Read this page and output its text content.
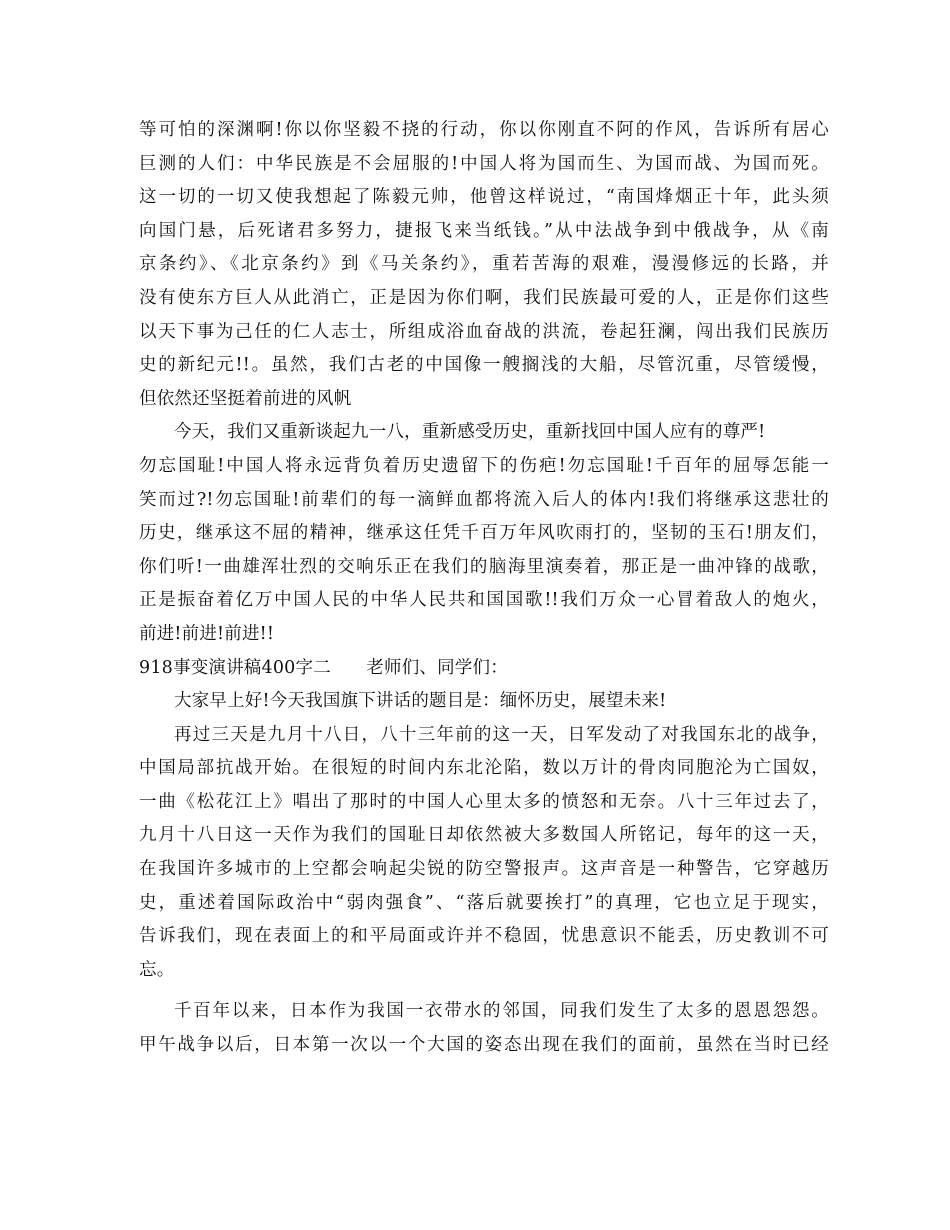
等可怕的深渊啊!你以你坚毅不挠的行动，你以你刚直不阿的作风，告诉所有居心
巨测的人们：中华民族是不会屈服的!中国人将为国而生、为国而战、为国而死。
这一切的一切又使我想起了陈毅元帅，他曾这样说过，“南国烽烟正十年，此头须
向国门悬，后死诸君多努力，捷报飞来当纸钱。”从中法战争到中俄战争，从《南
京条约》、《北京条约》到《马关条约》，重若苦海的艰难，漫漫修远的长路，并
没有使东方巨人从此消亡，正是因为你们啊，我们民族最可爱的人，正是你们这些
以天下事为己任的仁人志士，所组成浴血奋战的洪流，卷起狂澜，闯出我们民族历
史的新纪元!!。虽然，我们古老的中国像一艘搁浅的大船，尽管沉重，尽管缓慢，
但依然还坚挺着前进的风帆
今天，我们又重新谈起九一八，重新感受历史，重新找回中国人应有的尊严!
勿忘国耻!中国人将永远背负着历史遗留下的伤疤!勿忘国耻!千百年的屈辱怎能一
笑而过?!勿忘国耻!前辈们的每一滴鲜血都将流入后人的体内!我们将继承这悲壮的
历史，继承这不屈的精神，继承这任凭千百万年风吹雨打的，坚韧的玉石!朋友们，
你们听!一曲雄浑壮烈的交响乐正在我们的脑海里演奏着，那正是一曲冲锋的战歌，
正是振奋着亿万中国人民的中华人民共和国国歌!!我们万众一心冒着敌人的炮火，
前进!前进!前进!!
918事变演讲稿400字二　　老师们、同学们：
大家早上好!今天我国旗下讲话的题目是：缅怀历史，展望未来!
再过三天是九月十八日，八十三年前的这一天，日军发动了对我国东北的战争，
中国局部抗战开始。在很短的时间内东北沦陷，数以万计的骨肉同胞沦为亡国奴，
一曲《松花江上》唱出了那时的中国人心里太多的愤怒和无奈。八十三年过去了，
九月十八日这一天作为我们的国耻日却依然被大多数国人所铭记，每年的这一天，
在我国许多城市的上空都会响起尖锐的防空警报声。这声音是一种警告，它穿越历
史，重述着国际政治中“弱肉强食”、“落后就要挨打”的真理，它也立足于现实，
告诉我们，现在表面上的和平局面或许并不稳固，忧患意识不能丢，历史教训不可
忘。
千百年以来，日本作为我国一衣带水的邻国，同我们发生了太多的恩恩怨怨。
甲午战争以后，日本第一次以一个大国的姿态出现在我们的面前，虽然在当时已经
